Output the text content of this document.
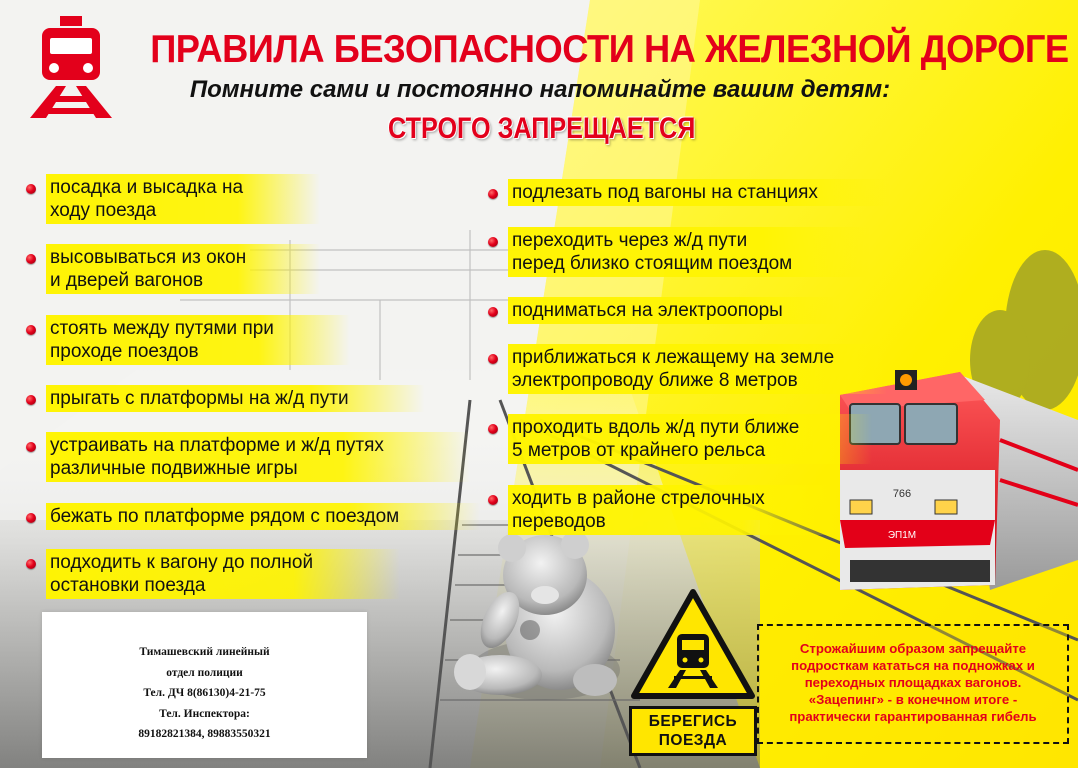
766
ЭП1М
ПРАВИЛА БЕЗОПАСНОСТИ НА ЖЕЛЕЗНОЙ ДОРОГЕ
Помните сами и постоянно напоминайте вашим детям:
СТРОГО ЗАПРЕЩАЕТСЯ
посадка и высадка на
ходу поезда
высовываться из окон
и дверей вагонов
стоять между путями при
проходе поездов
прыгать с платформы на ж/д пути
устраивать на платформе и ж/д путях
различные подвижные игры
бежать по платформе рядом с поездом
подходить к вагону до полной
остановки поезда
подлезать под вагоны на станциях
переходить через ж/д пути
перед близко стоящим поездом
подниматься на электроопоры
приближаться к лежащему на земле
электропроводу ближе 8 метров
проходить вдоль ж/д пути ближе
5 метров от крайнего рельса
ходить в районе стрелочных
переводов
Тимашевский линейный
отдел полиции
Тел. ДЧ 8(86130)4-21-75
Тел. Инспектора:
89182821384, 89883550321
БЕРЕГИСЬ
ПОЕЗДА
Строжайшим образом запрещайте
подросткам кататься на подножках и
переходных площадках вагонов.
«Зацепинг» - в конечном итоге -
практически гарантированная гибель
